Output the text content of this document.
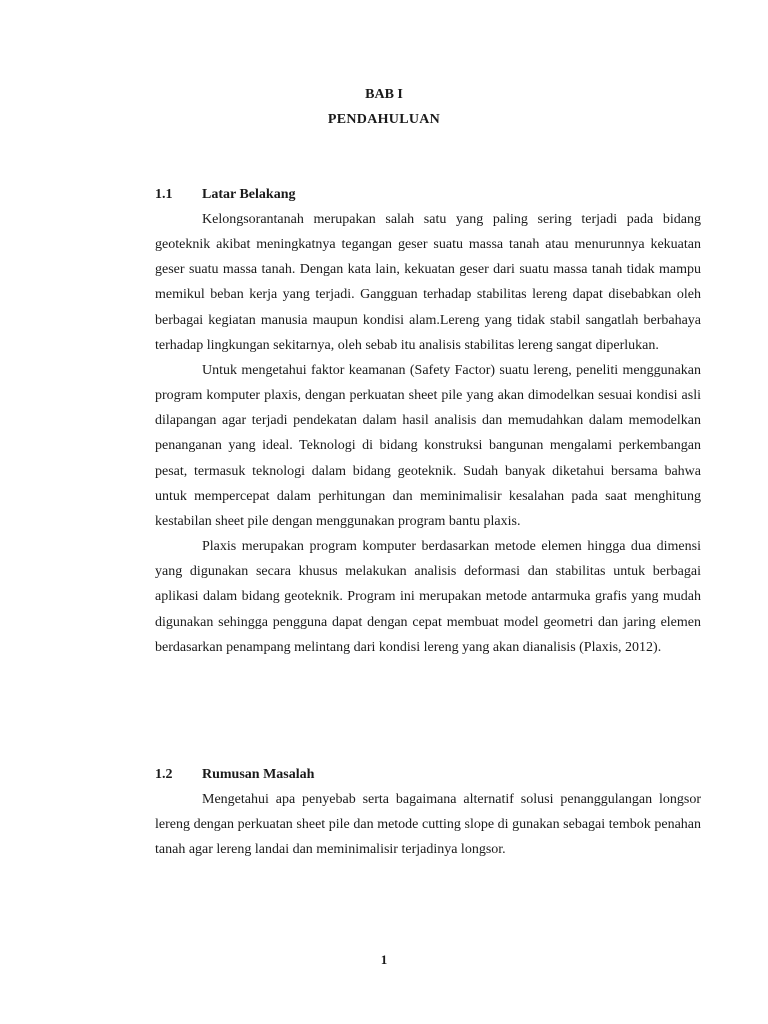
BAB I
PENDAHULUAN
1.1 Latar Belakang

Kelongsorantanah merupakan salah satu yang paling sering terjadi pada bidang geoteknik akibat meningkatnya tegangan geser suatu massa tanah atau menurunnya kekuatan geser suatu massa tanah. Dengan kata lain, kekuatan geser dari suatu massa tanah tidak mampu memikul beban kerja yang terjadi. Gangguan terhadap stabilitas lereng dapat disebabkan oleh berbagai kegiatan manusia maupun kondisi alam.Lereng yang tidak stabil sangatlah berbahaya terhadap lingkungan sekitarnya, oleh sebab itu analisis stabilitas lereng sangat diperlukan.

Untuk mengetahui faktor keamanan (Safety Factor) suatu lereng, peneliti menggunakan program komputer plaxis, dengan perkuatan sheet pile yang akan dimodelkan sesuai kondisi asli dilapangan agar terjadi pendekatan dalam hasil analisis dan memudahkan dalam memodelkan penanganan yang ideal. Teknologi di bidang konstruksi bangunan mengalami perkembangan pesat, termasuk teknologi dalam bidang geoteknik. Sudah banyak diketahui bersama bahwa untuk mempercepat dalam perhitungan dan meminimalisir kesalahan pada saat menghitung kestabilan sheet pile dengan menggunakan program bantu plaxis.

Plaxis merupakan program komputer berdasarkan metode elemen hingga dua dimensi yang digunakan secara khusus melakukan analisis deformasi dan stabilitas untuk berbagai aplikasi dalam bidang geoteknik. Program ini merupakan metode antarmuka grafis yang mudah digunakan sehingga pengguna dapat dengan cepat membuat model geometri dan jaring elemen berdasarkan penampang melintang dari kondisi lereng yang akan dianalisis (Plaxis, 2012).

1.2 Rumusan Masalah

Mengetahui apa penyebab serta bagaimana alternatif solusi penanggulangan longsor lereng dengan perkuatan sheet pile dan metode cutting slope di gunakan sebagai tembok penahan tanah agar lereng landai dan meminimalisir terjadinya longsor.

1
